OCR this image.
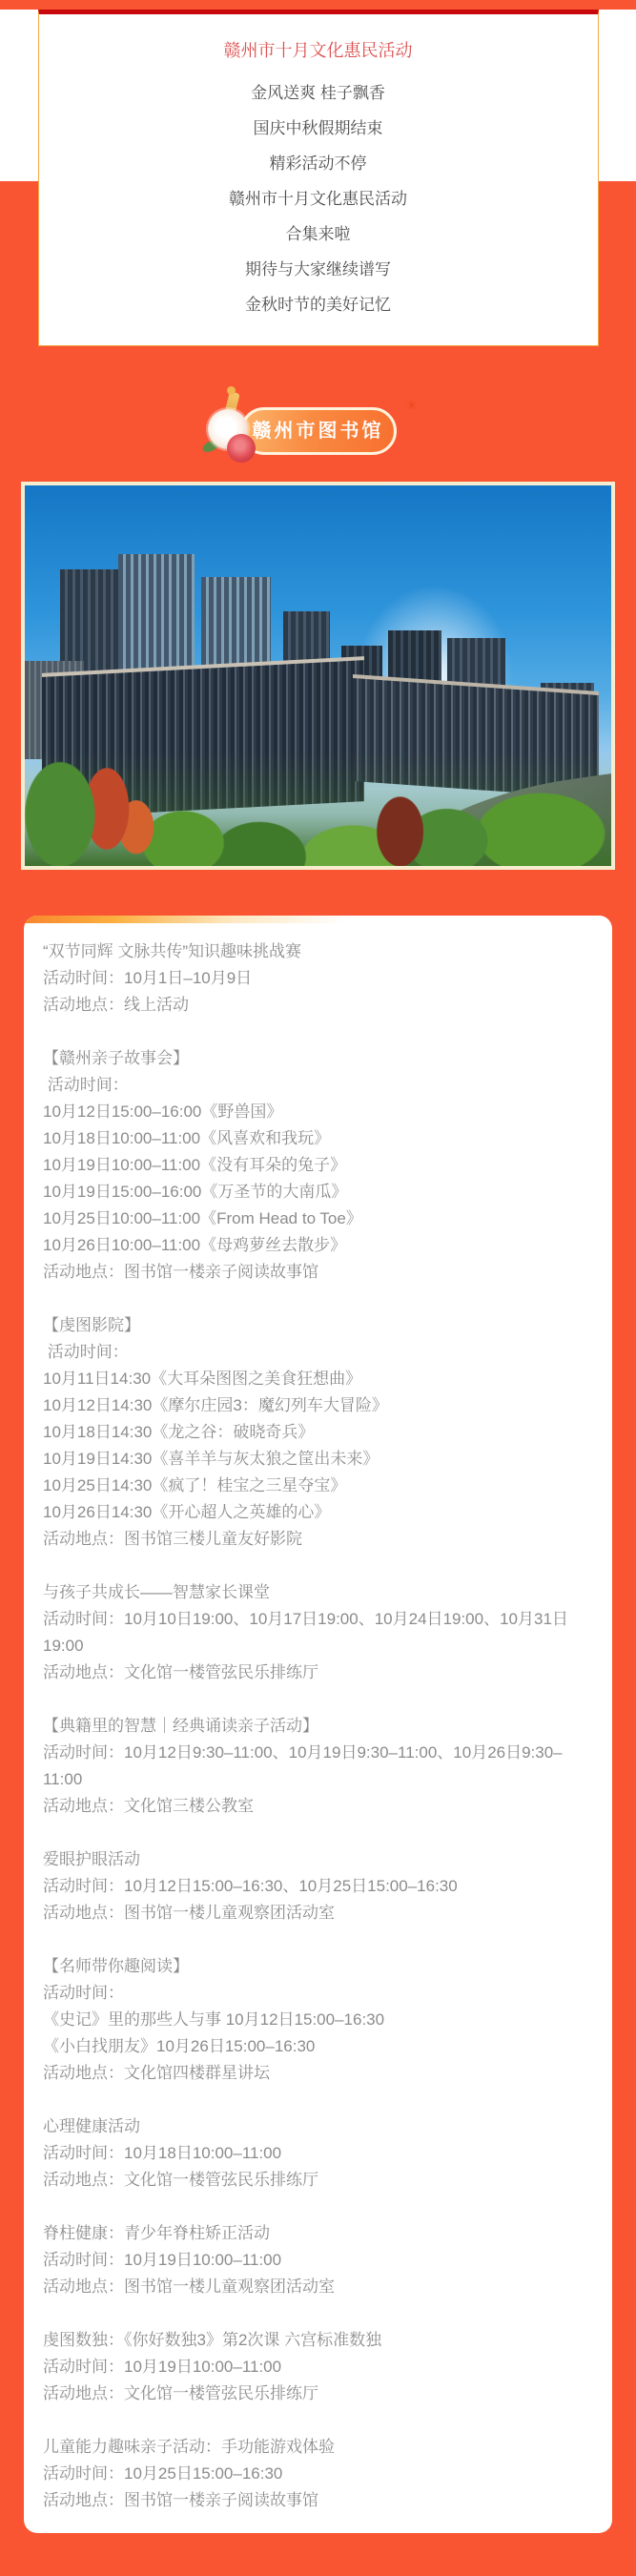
赣州市十月文化惠民活动
金风送爽 桂子飘香
国庆中秋假期结束
精彩活动不停
赣州市十月文化惠民活动
合集来啦
期待与大家继续谱写
金秋时节的美好记忆
赣州市图书馆
✳
“双节同辉 文脉共传”知识趣味挑战赛
活动时间：10月1日–10月9日
活动地点：线上活动
【赣州亲子故事会】
活动时间：
10月12日15:00–16:00《野兽国》
10月18日10:00–11:00《风喜欢和我玩》
10月19日10:00–11:00《没有耳朵的兔子》
10月19日15:00–16:00《万圣节的大南瓜》
10月25日10:00–11:00《From Head to Toe》
10月26日10:00–11:00《母鸡萝丝去散步》
活动地点：图书馆一楼亲子阅读故事馆
【虔图影院】
活动时间：
10月11日14:30《大耳朵图图之美食狂想曲》
10月12日14:30《摩尔庄园3：魔幻列车大冒险》
10月18日14:30《龙之谷：破晓奇兵》
10月19日14:30《喜羊羊与灰太狼之筐出未来》
10月25日14:30《疯了！桂宝之三星夺宝》
10月26日14:30《开心超人之英雄的心》
活动地点：图书馆三楼儿童友好影院
与孩子共成长——智慧家长课堂
活动时间：10月10日19:00、10月17日19:00、10月24日19:00、10月31日
19:00
活动地点：文化馆一楼管弦民乐排练厅
【典籍里的智慧｜经典诵读亲子活动】
活动时间：10月12日9:30–11:00、10月19日9:30–11:00、10月26日9:30–
11:00
活动地点：文化馆三楼公教室
爱眼护眼活动
活动时间：10月12日15:00–16:30、10月25日15:00–16:30
活动地点：图书馆一楼儿童观察团活动室
【名师带你趣阅读】
活动时间：
《史记》里的那些人与事 10月12日15:00–16:30
《小白找朋友》10月26日15:00–16:30
活动地点：文化馆四楼群星讲坛
心理健康活动
活动时间：10月18日10:00–11:00
活动地点：文化馆一楼管弦民乐排练厅
脊柱健康：青少年脊柱矫正活动
活动时间：10月19日10:00–11:00
活动地点：图书馆一楼儿童观察团活动室
虔图数独：《你好数独3》第2次课 六宫标准数独
活动时间：10月19日10:00–11:00
活动地点：文化馆一楼管弦民乐排练厅
儿童能力趣味亲子活动：手功能游戏体验
活动时间：10月25日15:00–16:30
活动地点：图书馆一楼亲子阅读故事馆
